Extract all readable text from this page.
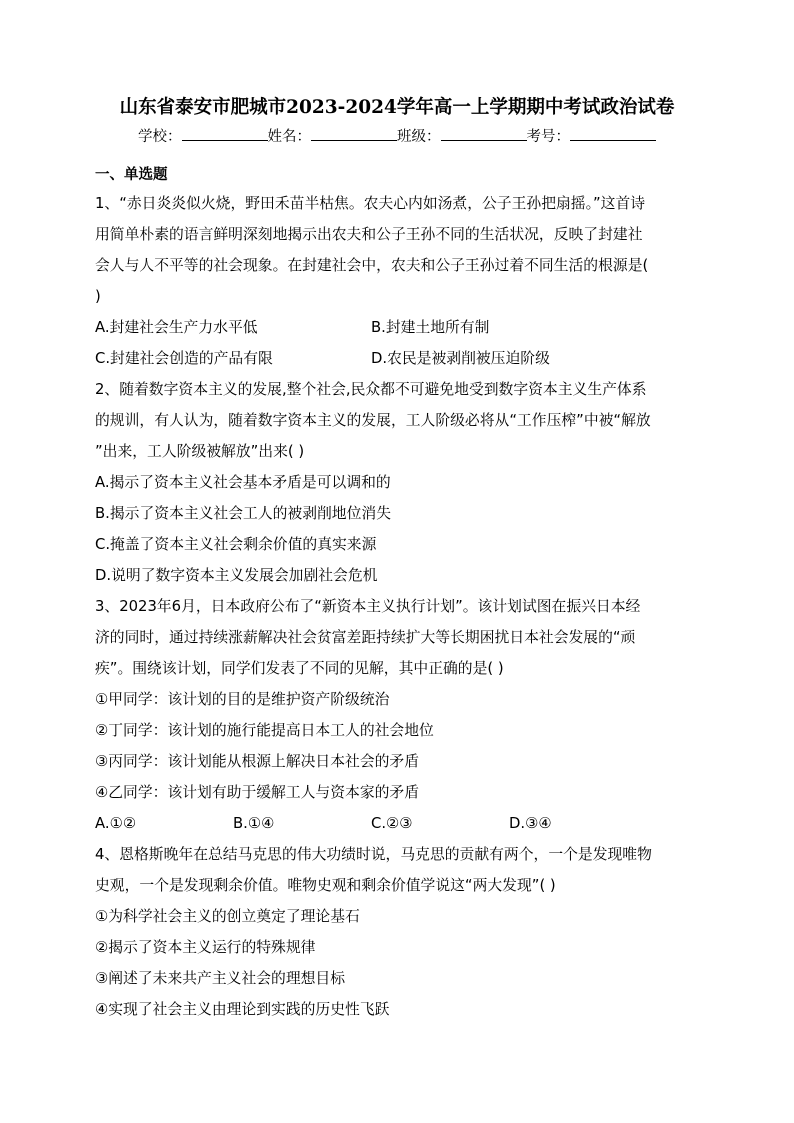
山东省泰安市肥城市2023-2024学年高一上学期期中考试政治试卷
学校：	姓名：	班级：	考号：
一、单选题
1、“赤日炎炎似火烧，野田禾苗半枯焦。农夫心内如汤煮，公子王孙把扇摇。”这首诗
用简单朴素的语言鲜明深刻地揭示出农夫和公子王孙不同的生活状况，反映了封建社
会人与人不平等的社会现象。在封建社会中，农夫和公子王孙过着不同生活的根源是(
)
A.封建社会生产力水平低	B.封建土地所有制
C.封建社会创造的产品有限	D.农民是被剥削被压迫阶级
2、随着数字资本主义的发展,整个社会,民众都不可避免地受到数字资本主义生产体系
的规训，有人认为，随着数字资本主义的发展，工人阶级必将从“工作压榨”中被“解放
”出来，工人阶级被解放”出来( )
A.揭示了资本主义社会基本矛盾是可以调和的
B.揭示了资本主义社会工人的被剥削地位消失
C.掩盖了资本主义社会剩余价值的真实来源
D.说明了数字资本主义发展会加剧社会危机
3、2023年6月，日本政府公布了“新资本主义执行计划”。该计划试图在振兴日本经
济的同时，通过持续涨薪解决社会贫富差距持续扩大等长期困扰日本社会发展的“顽
疾”。围绕该计划，同学们发表了不同的见解，其中正确的是( )
①甲同学：该计划的目的是维护资产阶级统治
②丁同学：该计划的施行能提高日本工人的社会地位
③丙同学：该计划能从根源上解决日本社会的矛盾
④乙同学：该计划有助于缓解工人与资本家的矛盾
A.①②	B.①④	C.②③	D.③④
4、恩格斯晚年在总结马克思的伟大功绩时说，马克思的贡献有两个，一个是发现唯物
史观，一个是发现剩余价值。唯物史观和剩余价值学说这“两大发现”( )
①为科学社会主义的创立奠定了理论基石
②揭示了资本主义运行的特殊规律
③阐述了未来共产主义社会的理想目标
④实现了社会主义由理论到实践的历史性飞跃
